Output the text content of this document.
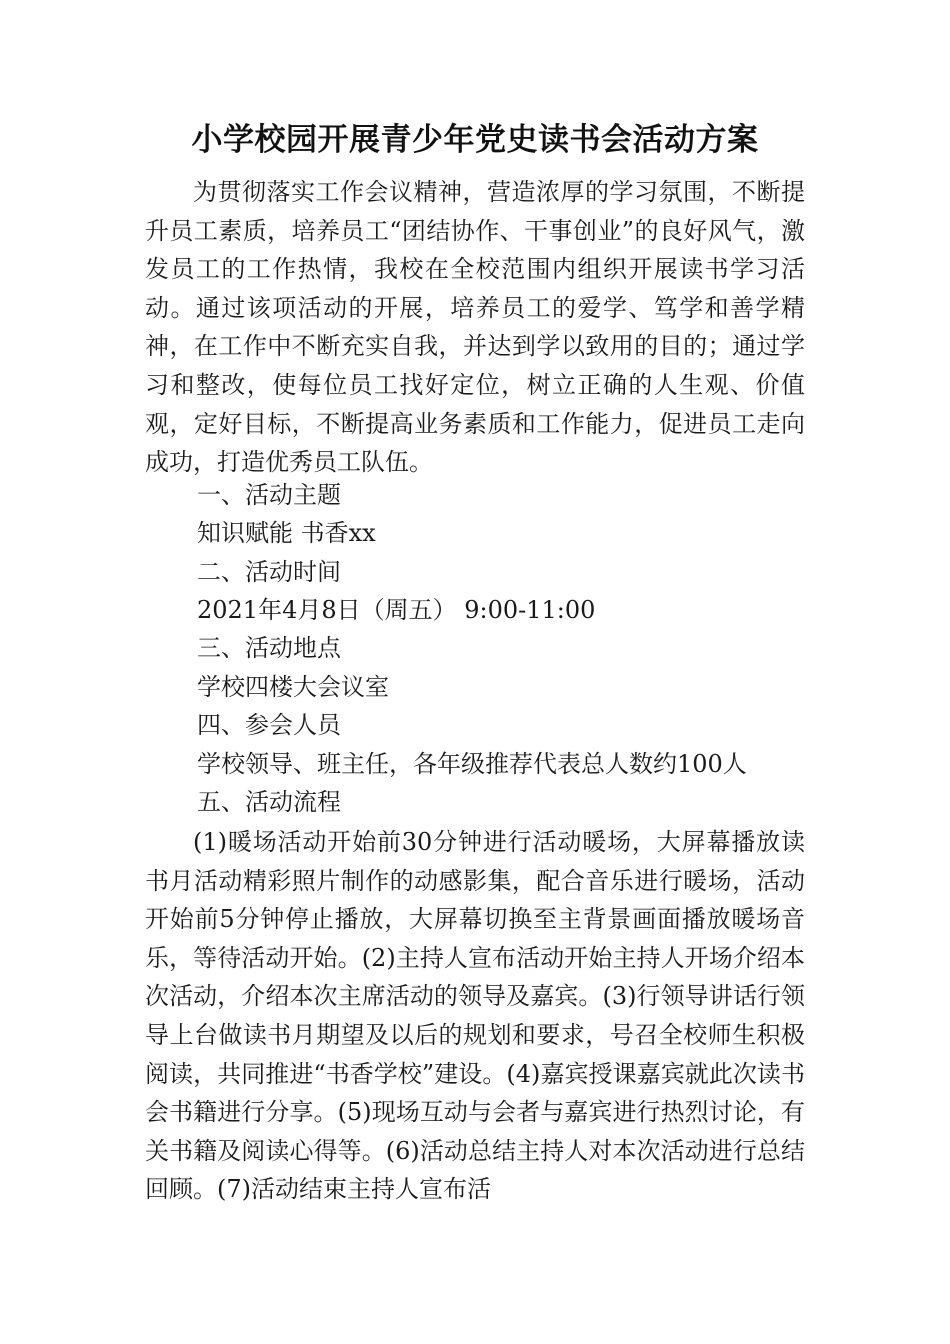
小学校园开展青少年党史读书会活动方案

为贯彻落实工作会议精神，营造浓厚的学习氛围，不断提升员工素质，培养员工“团结协作、干事创业”的良好风气，激发员工的工作热情，我校在全校范围内组织开展读书学习活动。通过该项活动的开展，培养员工的爱学、笃学和善学精神，在工作中不断充实自我，并达到学以致用的目的；通过学习和整改，使每位员工找好定位，树立正确的人生观、价值观，定好目标，不断提高业务素质和工作能力，促进员工走向成功，打造优秀员工队伍。

一、活动主题
知识赋能 书香xx
二、活动时间
2021年4月8日（周五） 9:00-11:00
三、活动地点
学校四楼大会议室
四、参会人员
学校领导、班主任，各年级推荐代表总人数约100人
五、活动流程

(1)暖场活动开始前30分钟进行活动暖场，大屏幕播放读书月活动精彩照片制作的动感影集，配合音乐进行暖场，活动开始前5分钟停止播放，大屏幕切换至主背景画面播放暖场音乐，等待活动开始。(2)主持人宣布活动开始主持人开场介绍本次活动，介绍本次主席活动的领导及嘉宾。(3)行领导讲话行领导上台做读书月期望及以后的规划和要求，号召全校师生积极阅读，共同推进“书香学校”建设。(4)嘉宾授课嘉宾就此次读书会书籍进行分享。(5)现场互动与会者与嘉宾进行热烈讨论，有关书籍及阅读心得等。(6)活动总结主持人对本次活动进行总结回顾。(7)活动结束主持人宣布活
